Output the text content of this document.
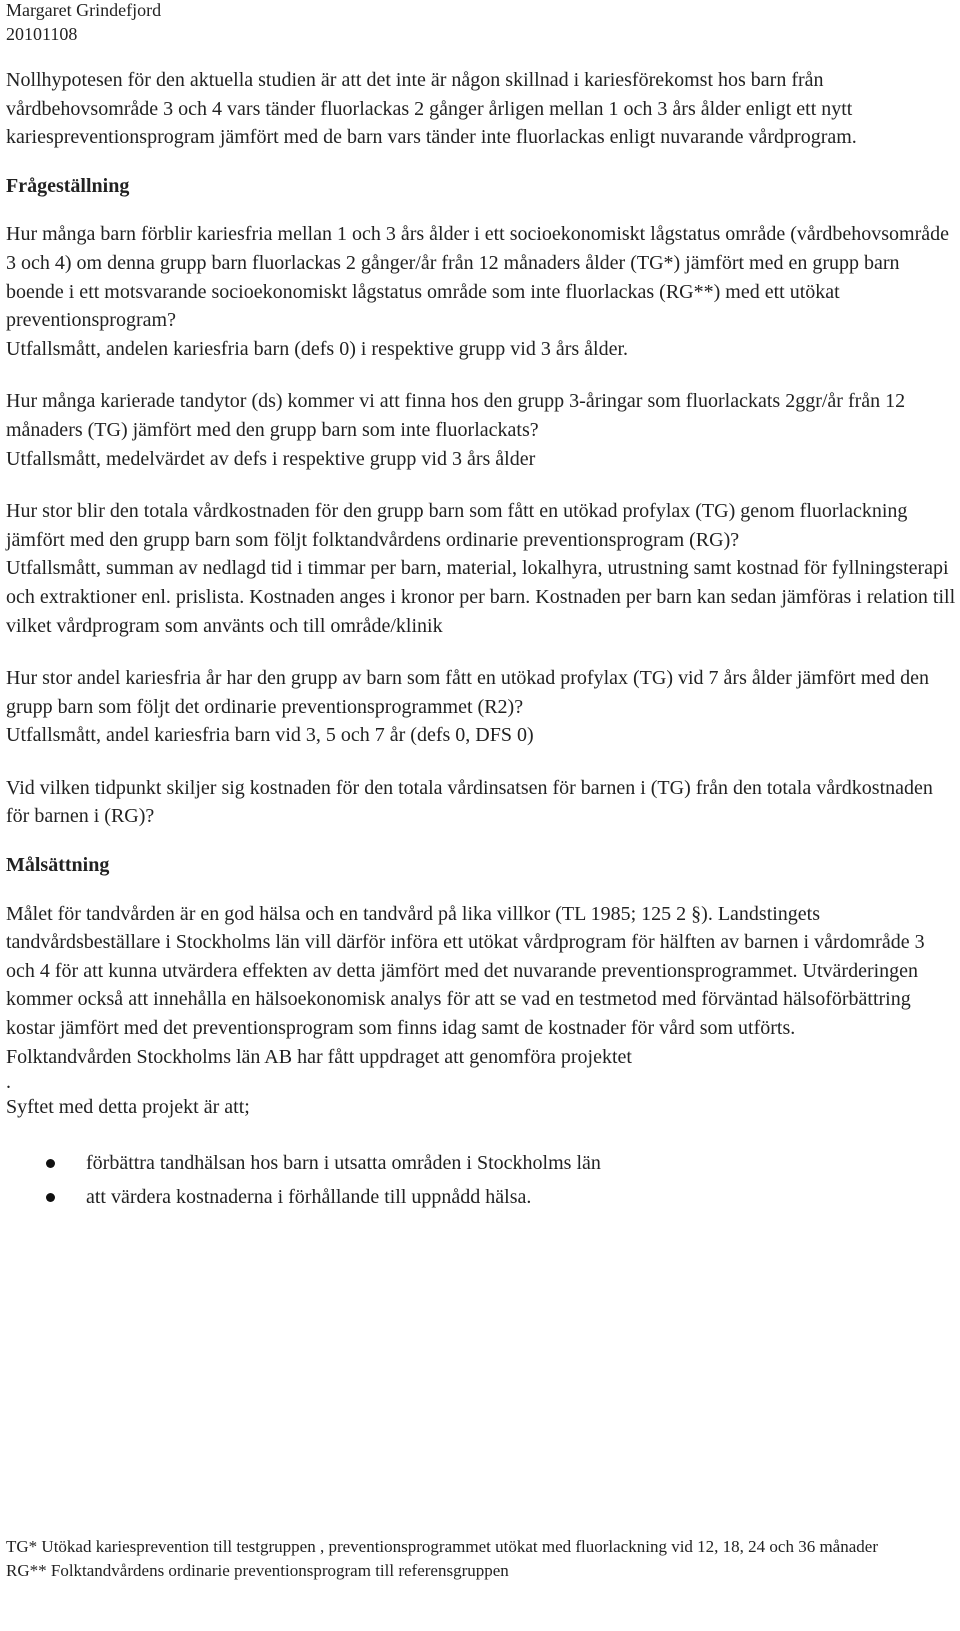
Margaret Grindefjord
20101108

Nollhypotesen för den aktuella studien är att det inte är någon skillnad i kariesförekomst hos barn från vårdbehovsområde 3 och 4 vars tänder fluorlackas 2 gånger årligen mellan 1 och 3 års ålder enligt ett nytt kariespreventionsprogram jämfört med de barn vars tänder inte fluorlackas enligt nuvarande vårdprogram.

Frågeställning

Hur många barn förblir kariesfria mellan 1 och 3 års ålder i ett socioekonomiskt lågstatus område (vårdbehovsområde 3 och 4) om denna grupp barn fluorlackas 2 gånger/år från 12 månaders ålder (TG*) jämfört med en grupp barn boende i ett motsvarande socioekonomiskt lågstatus område som inte fluorlackas (RG**) med ett utökat preventionsprogram?

Utfallsmått, andelen kariesfria barn (defs 0) i respektive grupp vid 3 års ålder.

Hur många karierade tandytor (ds) kommer vi att finna hos den grupp 3-åringar som fluorlackats 2ggr/år från 12 månaders (TG) jämfört med den grupp barn som inte fluorlackats?

Utfallsmått, medelvärdet av defs i respektive grupp vid 3 års ålder

Hur stor blir den totala vårdkostnaden för den grupp barn som fått en utökad profylax (TG) genom fluorlackning jämfört med den grupp barn som följt folktandvårdens ordinarie preventionsprogram (RG)?

Utfallsmått, summan av nedlagd tid i timmar per barn, material, lokalhyra, utrustning samt kostnad för fyllningsterapi och extraktioner enl. prislista. Kostnaden anges i kronor per barn. Kostnaden per barn kan sedan jämföras i relation till vilket vårdprogram som använts och till område/klinik

Hur stor andel kariesfria år har den grupp av barn som fått en utökad profylax (TG) vid 7 års ålder jämfört med den grupp barn som följt det ordinarie preventionsprogrammet (R2)?

Utfallsmått, andel kariesfria barn vid 3, 5 och 7 år (defs 0, DFS 0)

Vid vilken tidpunkt skiljer sig kostnaden för den totala vårdinsatsen för barnen i (TG) från den totala vårdkostnaden för barnen i (RG)?

Målsättning

Målet för tandvården är en god hälsa och en tandvård på lika villkor (TL 1985; 125 2 §). Landstingets tandvårdsbeställare i Stockholms län vill därför införa ett utökat vårdprogram för hälften av barnen i vårdområde 3 och 4 för att kunna utvärdera effekten av detta jämfört med det nuvarande preventionsprogrammet. Utvärderingen kommer också att innehålla en hälsoekonomisk analys för att se vad en testmetod med förväntad hälsoförbättring kostar jämfört med det preventionsprogram som finns idag samt de kostnader för vård som utförts.

Folktandvården Stockholms län AB har fått uppdraget att genomföra projektet

.

Syftet med detta projekt är att;

förbättra tandhälsan hos barn i utsatta områden i Stockholms län
att värdera kostnaderna i förhållande till uppnådd hälsa.

TG* Utökad kariesprevention till testgruppen , preventionsprogrammet utökat med fluorlackning vid 12, 18, 24 och 36 månader

RG** Folktandvårdens ordinarie preventionsprogram till referensgruppen
